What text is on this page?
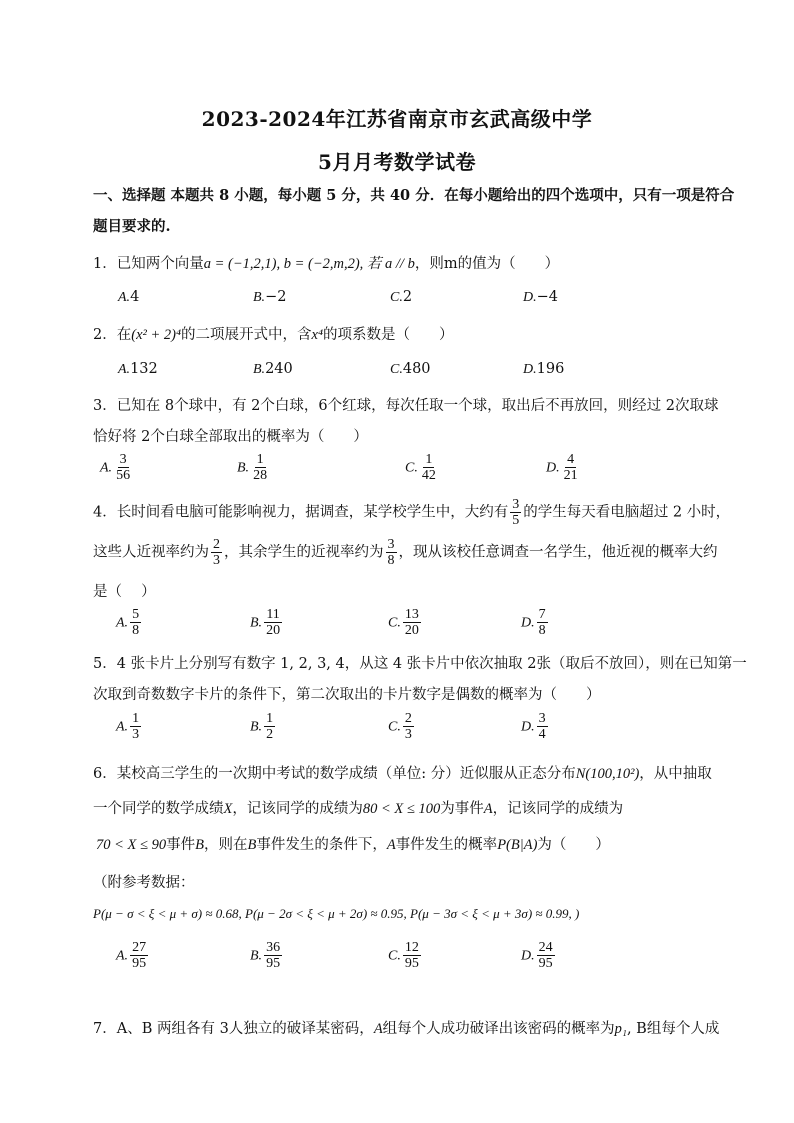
2023-2024年江苏省南京市玄武高级中学
5月月考数学试卷
一、选择题 本题共 8 小题，每小题 5 分，共 40 分．在每小题给出的四个选项中，只有一项是符合
题目要求的.
1．已知两个向量a = (−1,2,1), b = (−2,m,2), 若 a // b，则m的值为（　　）
A.4	B.−2	C.2	D.−4
2．在(x² + 2)⁴的二项展开式中，含x⁴的项系数是（　　）
A.132	B.240	C.480	D.196
3．已知在 8个球中，有 2个白球，6个红球，每次任取一个球，取出后不再放回，则经过 2次取球
恰好将 2个白球全部取出的概率为（　　）
A. $\frac{3}{56}$	B. $\frac{1}{28}$	C. $\frac{1}{42}$	D. $\frac{4}{21}$
4．长时间看电脑可能影响视力，据调查，某学校学生中，大约有 $\frac{3}{5}$ 的学生每天看电脑超过 2 小时，
这些人近视率约为 $\frac{2}{3}$ ，其余学生的近视率约为 $\frac{3}{8}$ ，现从该校任意调查一名学生，他近视的概率大约
是（　 ）
A. $\frac{5}{8}$	B. $\frac{11}{20}$	C. $\frac{13}{20}$	D. $\frac{7}{8}$
5．4 张卡片上分别写有数字 1, 2, 3, 4，从这 4 张卡片中依次抽取 2张（取后不放回），则在已知第一
次取到奇数数字卡片的条件下，第二次取出的卡片数字是偶数的概率为（　　）
A. $\frac{1}{3}$	B. $\frac{1}{2}$	C. $\frac{2}{3}$	D. $\frac{3}{4}$
6．某校高三学生的一次期中考试的数学成绩（单位: 分）近似服从正态分布N(100,10²)，从中抽取
一个同学的数学成绩X，记该同学的成绩为80 < X ≤ 100为事件A，记该同学的成绩为
70 < X ≤ 90事件B，则在B事件发生的条件下，A事件发生的概率P(B|A)为（　　）
（附参考数据：
P(μ − σ < ξ < μ + σ) ≈ 0.68, P(μ − 2σ < ξ < μ + 2σ) ≈ 0.95, P(μ − 3σ < ξ < μ + 3σ) ≈ 0.99, )
A. $\frac{27}{95}$	B. $\frac{36}{95}$	C. $\frac{12}{95}$	D. $\frac{24}{95}$
7．A、B 两组各有 3人独立的破译某密码，A组每个人成功破译出该密码的概率为p₁, B组每个人成
